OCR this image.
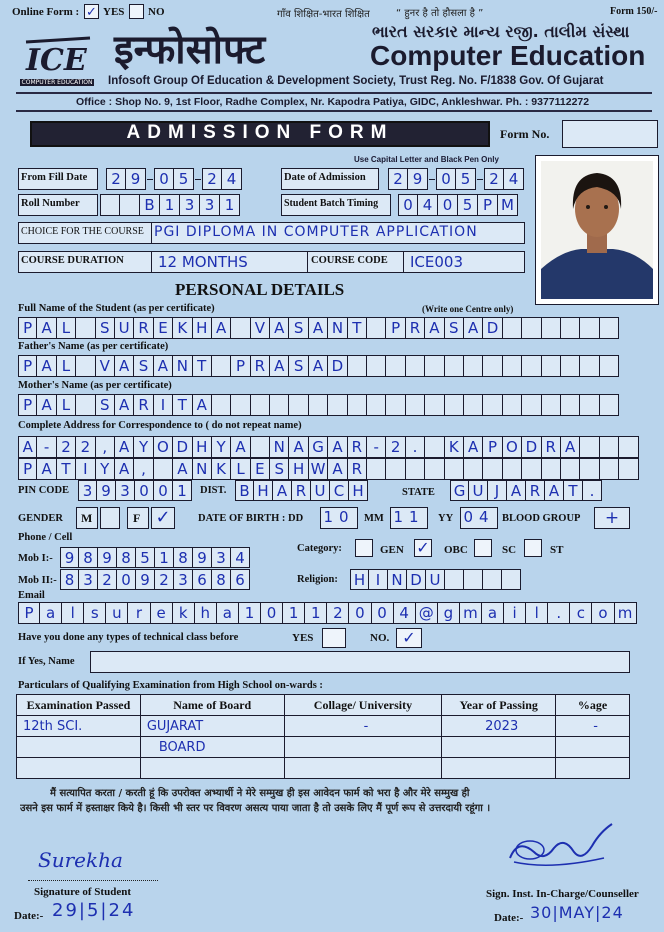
Online Form : ✓ YES NO	गाँव शिक्षित-भारत शिक्षित	“ हुनर है तो हौसला है ”	Form 150/-
ICE
COMPUTER EDUCATION
इन्फोसोफ्ट	ભારત સરકાર માન્ય રજી. તાલીમ સંસ્થા
Computer Education
Infosoft Group Of Education & Development Society, Trust Reg. No. F/1838 Gov. Of Gujarat
Office : Shop No. 9, 1st Floor, Radhe Complex, Nr. Kapodra Patiya, GIDC, Ankleshwar. Ph. : 9377112272
ADMISSION FORM	Form No.
Use Capital Letter and Black Pen Only
From Fill Date	2 9	0 5	2 4	Date of Admission	2 9	0 5	2 4
Roll Number	B 1 3 3 1	Student Batch Timing	0 4 0 5 P M
CHOICE FOR THE COURSE PGI DIPLOMA IN COMPUTER APPLICATION
COURSE DURATION 12 MONTHS	COURSE CODE ICE003
PERSONAL DETAILS
Full Name of the Student (as per certificate)	(Write one Centre only)
P A L	S U R E K H A	V A S A N T	P R A S A D
Father's Name (as per certificate)
P A L	V A S A N T	P R A S A D
Mother's Name (as per certificate)
P A L	S A R I T A
Complete Address for Correspondence to ( do not repeat name)
A - 2 2 , A Y O D H Y A	N A G A R - 2 .	K A P O D R A
P A T I Y A ,	A N K L E S H W A R
PIN CODE 3 9 3 0 0 1	DIST. B H A R U C H	STATE G U J A R A T .
GENDER M	F ✓	DATE OF BIRTH : DD 10 MM 11	YY 04 BLOOD GROUP	+
Phone / Cell
Mob I:- 9 8 9 8 5 1 8 9 3 4
Mob II:- 8 3 2 0 9 2 3 6 8 6
Category:	GEN ✓ OBC	SC	ST
Religion: H I N D U
Email
P a	l	s u r e k h a 1 0 1 1 2 0 0 4 @ g m a	i	l	.	c o m
Have you done any types of technical class before	YES	NO. ✓
If Yes, Name
Particulars of Qualifying Examination from High School on-wards :
Examination Passed	Name of Board	Collage/ University	Year of Passing	%age
12th SCI.	GUJARAT	-	2023	-
	BOARD			

मैं सत्यापित करता / करती हूं कि उपरोक्त अभ्यार्थी ने मेरे सम्मुख ही इस आवेदन फार्म को भरा है और मेरे सम्मुख ही
उसने इस फार्म में हस्ताक्षर किये है। किसी भी स्तर पर विवरण असत्य पाया जाता है तो उसके लिए मैं पूर्ण रूप से उत्तरदायी रहूंगा ।
Surekha
Signature of Student
Date:- 29|5|24
Sign. Inst. In-Charge/Counseller
Date:- 30|MAY|24
